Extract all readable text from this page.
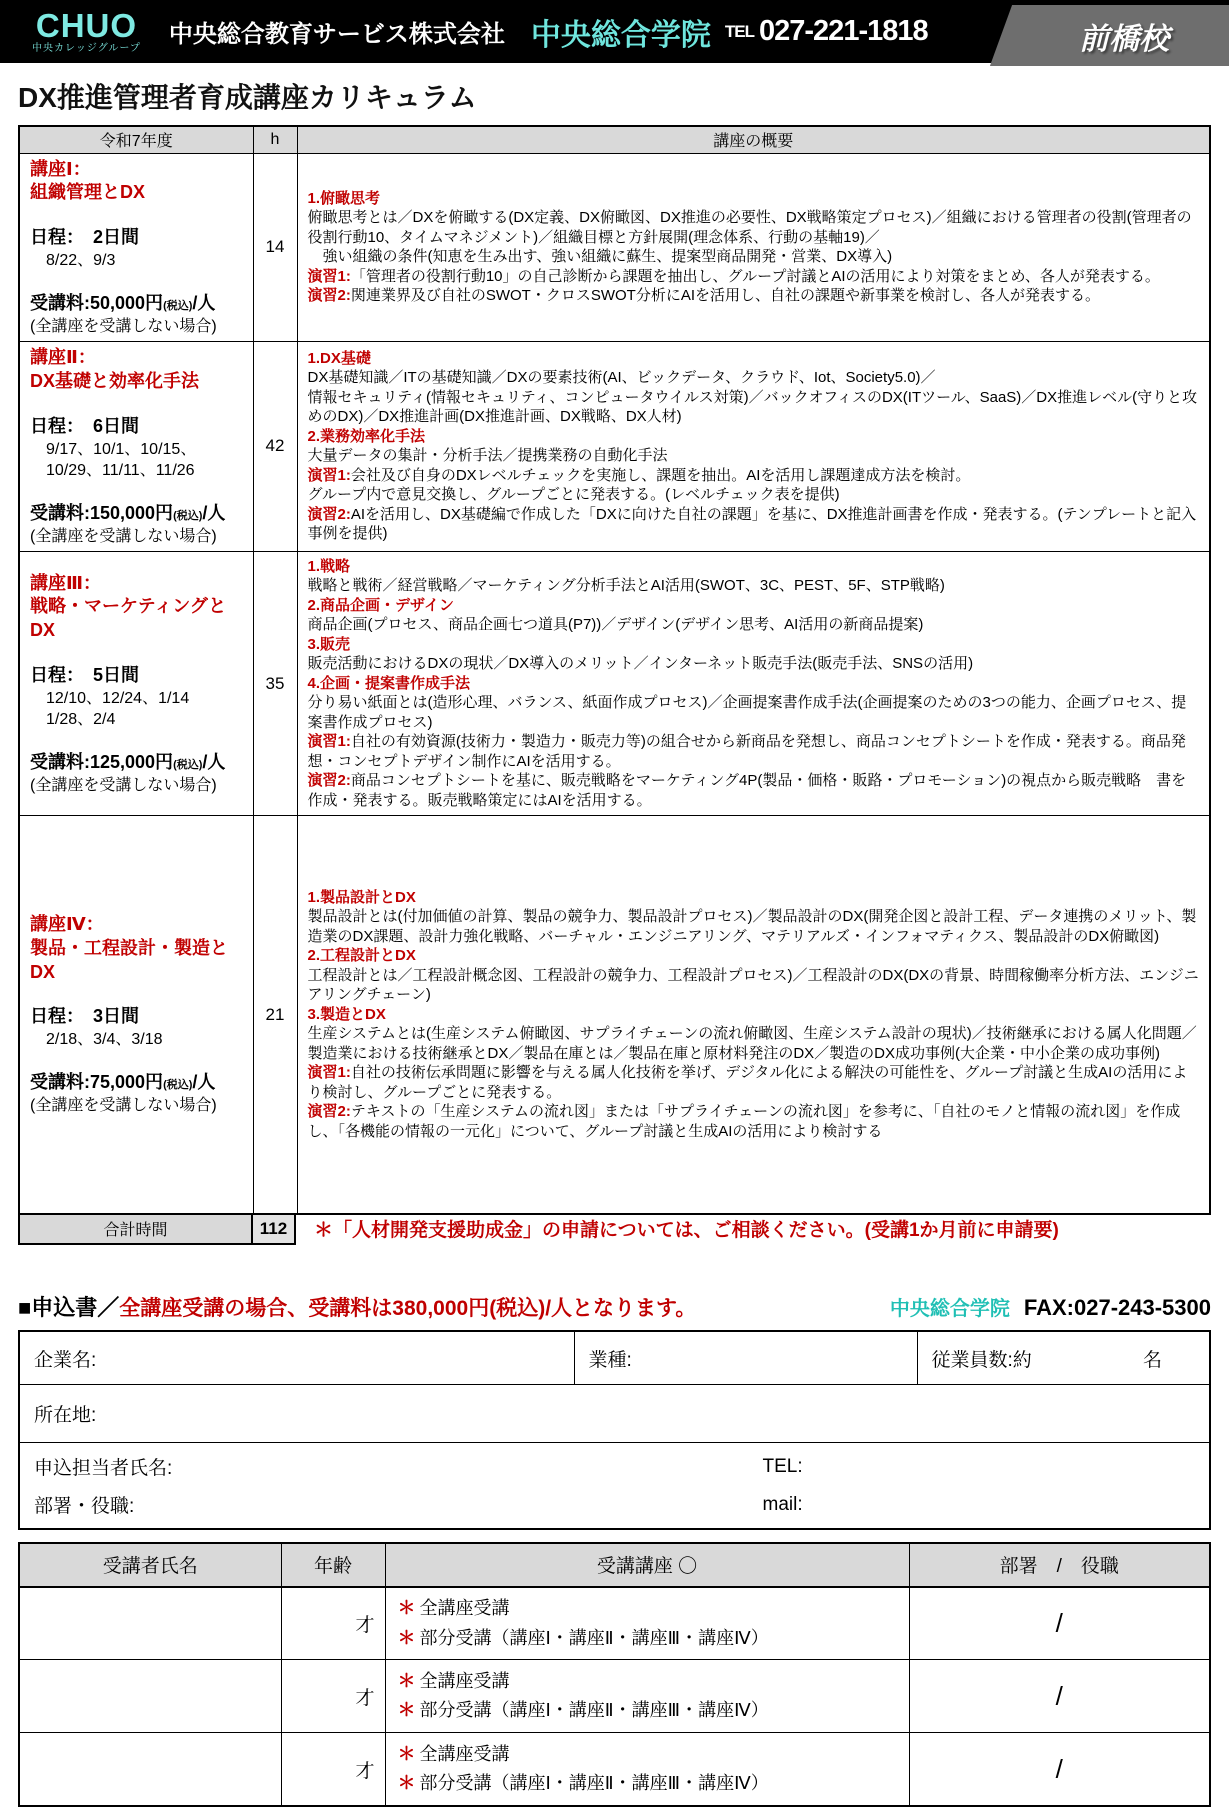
CHUO
中央カレッジグループ
中央総合教育サービス株式会社 中央総合学院 TEL 027-221-1818	前橋校
DX推進管理者育成講座カリキュラム
令和7年度	h	講座の概要

講座Ⅰ：
組織管理とDX

日程：　2日間
　8/22、9/3

受講料:50,000円(税込)/人
(全講座を受講しない場合)
	14	
1.俯瞰思考
俯瞰思考とは／DXを俯瞰する(DX定義、DX俯瞰図、DX推進の必要性、DX戦略策定プロセス)／組織における管理者の役割(管理者の役割行動10、タイムマネジメント)／組織目標と方針展開(理念体系、行動の基軸19)／
　強い組織の条件(知恵を生み出す、強い組織に蘇生、提案型商品開発・営業、DX導入)
演習1:「管理者の役割行動10」の自己診断から課題を抽出し、グループ討議とAIの活用により対策をまとめ、各人が発表する。
演習2:関連業界及び自社のSWOT・クロスSWOT分析にAIを活用し、自社の課題や新事業を検討し、各人が発表する。

講座Ⅱ：
DX基礎と効率化手法

日程：　6日間
　9/17、10/1、10/15、
　10/29、11/11、11/26

受講料:150,000円(税込)/人
(全講座を受講しない場合)
	42	
1.DX基礎
DX基礎知識／ITの基礎知識／DXの要素技術(AI、ビックデータ、クラウド、Iot、Society5.0)／
情報セキュリティ(情報セキュリティ、コンピュータウイルス対策)／バックオフィスのDX(ITツール、SaaS)／DX推進レベル(守りと攻めのDX)／DX推進計画(DX推進計画、DX戦略、DX人材)
2.業務効率化手法
大量データの集計・分析手法／提携業務の自動化手法
演習1:会社及び自身のDXレベルチェックを実施し、課題を抽出。AIを活用し課題達成方法を検討。
グループ内で意見交換し、グループごとに発表する。(レベルチェック表を提供)
演習2:AIを活用し、DX基礎編で作成した「DXに向けた自社の課題」を基に、DX推進計画書を作成・発表する。(テンプレートと記入事例を提供)

講座Ⅲ：
戦略・マーケティングとDX

日程：　5日間
　12/10、12/24、1/14
　1/28、2/4

受講料:125,000円(税込)/人
(全講座を受講しない場合)
	35	
1.戦略
戦略と戦術／経営戦略／マーケティング分析手法とAI活用(SWOT、3C、PEST、5F、STP戦略)
2.商品企画・デザイン
商品企画(プロセス、商品企画七つ道具(P7))／デザイン(デザイン思考、AI活用の新商品提案)
3.販売
販売活動におけるDXの現状／DX導入のメリット／インターネット販売手法(販売手法、SNSの活用)
4.企画・提案書作成手法
分り易い紙面とは(造形心理、バランス、紙面作成プロセス)／企画提案書作成手法(企画提案のための3つの能力、企画プロセス、提案書作成プロセス)
演習1:自社の有効資源(技術力・製造力・販売力等)の組合せから新商品を発想し、商品コンセプトシートを作成・発表する。商品発想・コンセプトデザイン制作にAIを活用する。
演習2:商品コンセプトシートを基に、販売戦略をマーケティング4P(製品・価格・販路・プロモーション)の視点から販売戦略　書を作成・発表する。販売戦略策定にはAIを活用する。

講座Ⅳ：
製品・工程設計・製造とDX

日程：　3日間
　2/18、3/4、3/18

受講料:75,000円(税込)/人
(全講座を受講しない場合)
	21	
1.製品設計とDX
製品設計とは(付加価値の計算、製品の競争力、製品設計プロセス)／製品設計のDX(開発企図と設計工程、データ連携のメリット、製造業のDX課題、設計力強化戦略、バーチャル・エンジニアリング、マテリアルズ・インフォマティクス、製品設計のDX俯瞰図)
2.工程設計とDX
工程設計とは／工程設計概念図、工程設計の競争力、工程設計プロセス)／工程設計のDX(DXの背景、時間稼働率分析方法、エンジニアリングチェーン)
3.製造とDX
生産システムとは(生産システム俯瞰図、サプライチェーンの流れ俯瞰図、生産システム設計の現状)／技術継承における属人化問題／製造業における技術継承とDX／製品在庫とは／製品在庫と原材料発注のDX／製造のDX成功事例(大企業・中小企業の成功事例)
演習1:自社の技術伝承問題に影響を与える属人化技術を挙げ、デジタル化による解決の可能性を、グループ討議と生成AIの活用により検討し、グループごとに発表する。
演習2:テキストの「生産システムの流れ図」または「サプライチェーンの流れ図」を参考に、「自社のモノと情報の流れ図」を作成し、「各機能の情報の一元化」について、グループ討議と生成AIの活用により検討する
合計時間	112	＊「人材開発支援助成金」の申請については、ご相談ください。(受講1か月前に申請要)
■申込書／ 全講座受講の場合、受講料は380,000円(税込)/人となります。	中央総合学院 FAX:027-243-5300
企業名:	業種:	従業員数:約	名

所在地:

申込担当者氏名:	TEL:
部署・役職:	mail:
受講者氏名	年齢	受講講座 〇	部署　/　役職
	才	＊ 全講座受講
＊ 部分受講（講座Ⅰ・講座Ⅱ・講座Ⅲ・講座Ⅳ）	/
	才	＊ 全講座受講
＊ 部分受講（講座Ⅰ・講座Ⅱ・講座Ⅲ・講座Ⅳ）	/
	才	＊ 全講座受講
＊ 部分受講（講座Ⅰ・講座Ⅱ・講座Ⅲ・講座Ⅳ）	/
